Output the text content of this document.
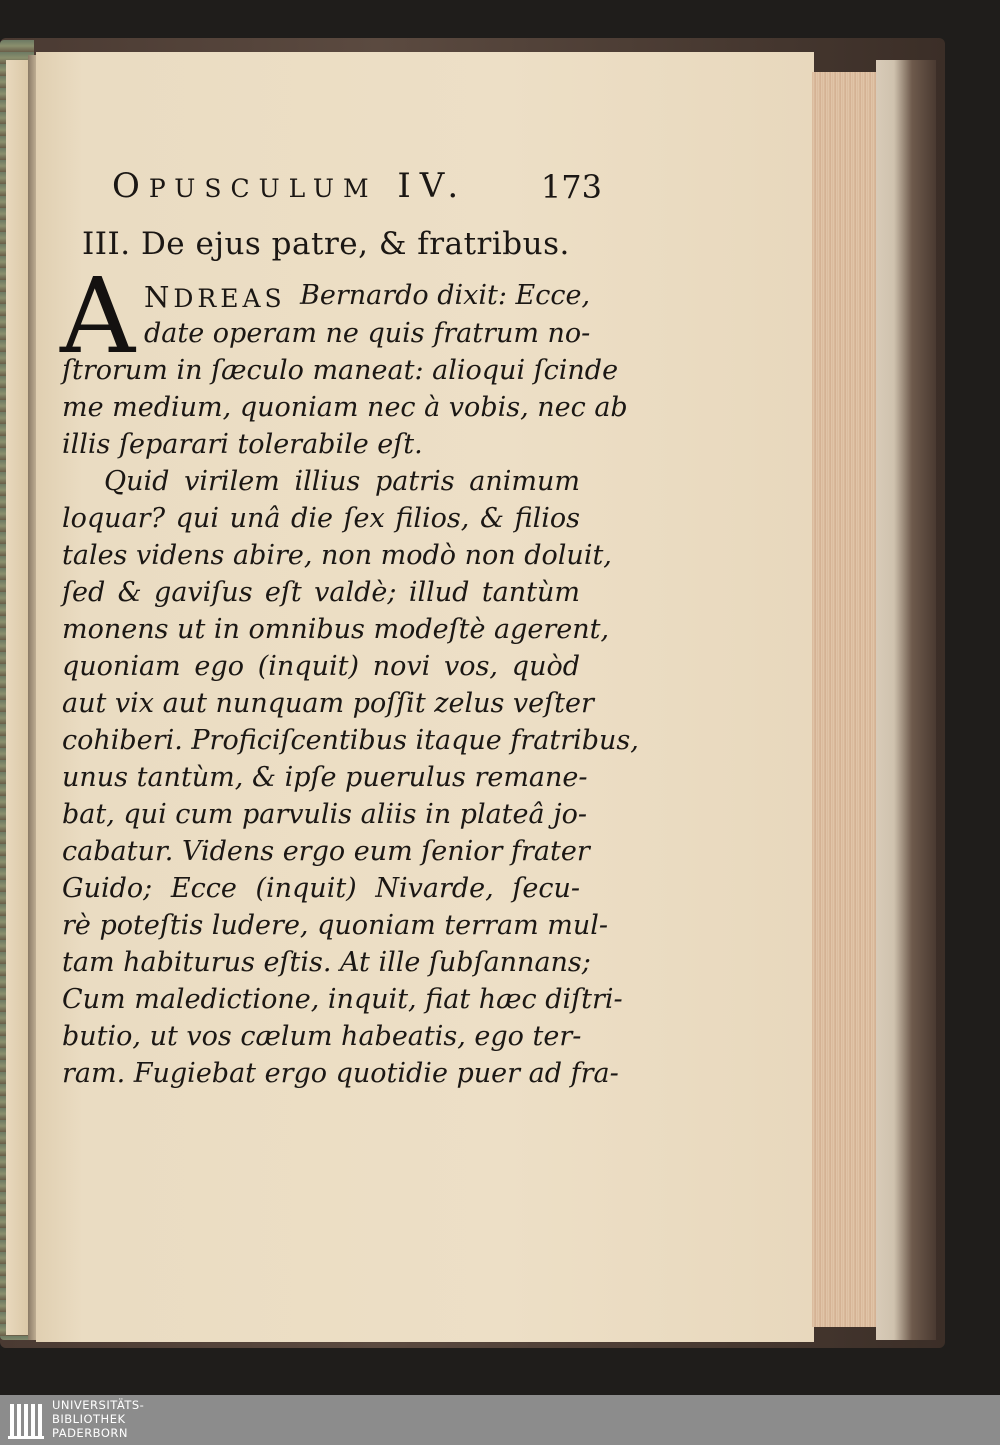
OPUSCULUM IV. 173
III. De ejus patre, & fratribus.
A NDREAS Bernardo dixit: Ecce,
date operam ne quis fratrum no-
ſtrorum in ſæculo maneat: alioqui ſcinde
me medium, quoniam nec à vobis, nec ab
illis ſeparari tolerabile eſt.
Quid virilem illius patris animum
loquar? qui unâ die ſex filios, & filios
tales videns abire, non modò non doluit,
ſed & gaviſus eſt valdè; illud tantùm
monens ut in omnibus modeſtè agerent,
quoniam ego (inquit) novi vos, quòd
aut vix aut nunquam poſſit zelus veſter
cohiberi. Proficiſcentibus itaque fratribus,
unus tantùm, & ipſe puerulus remane-
bat, qui cum parvulis aliis in plateâ jo-
cabatur. Videns ergo eum ſenior frater
Guido; Ecce (inquit) Nivarde, ſecu-
rè poteſtis ludere, quoniam terram mul-
tam habiturus eſtis. At ille ſubſannans;
Cum maledictione, inquit, fiat hæc diſtri-
butio, ut vos cælum habeatis, ego ter-
ram. Fugiebat ergo quotidie puer ad fra-
UNIVERSITÄTS-
BIBLIOTHEK
PADERBORN
